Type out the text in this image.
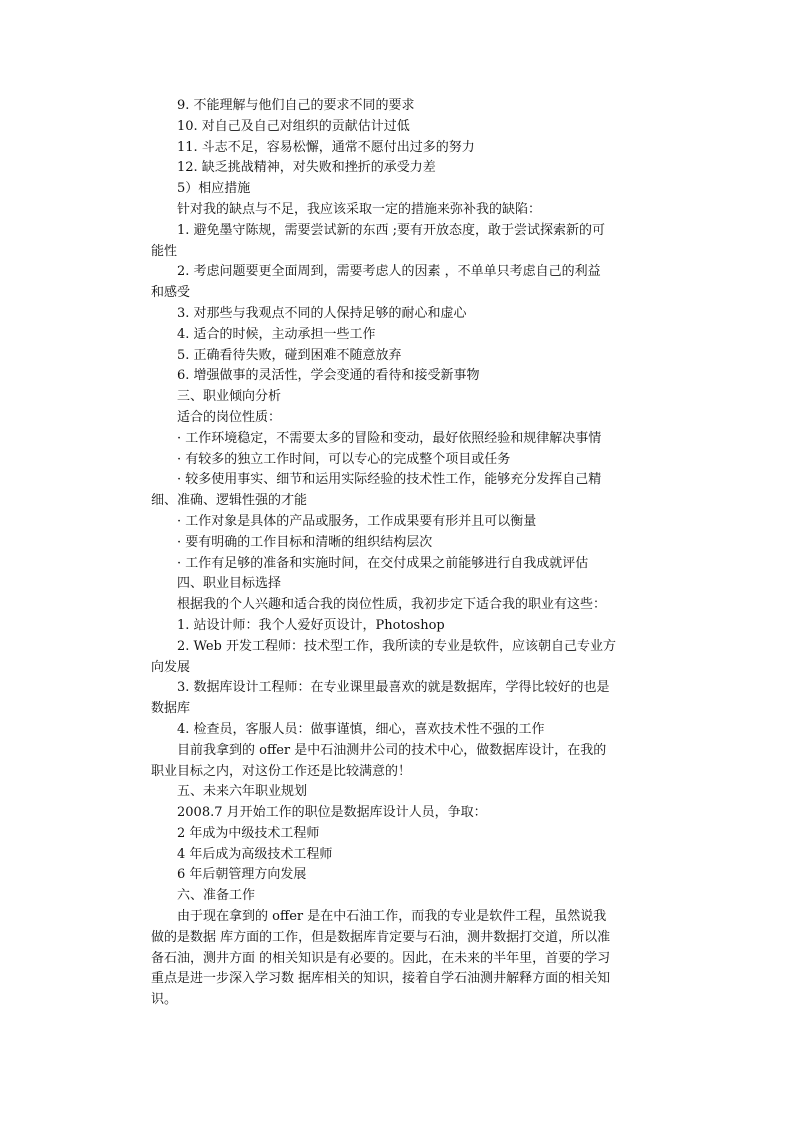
9. 不能理解与他们自己的要求不同的要求
10. 对自己及自己对组织的贡献估计过低
11. 斗志不足，容易松懈，通常不愿付出过多的努力
12. 缺乏挑战精神，对失败和挫折的承受力差
5）相应措施
针对我的缺点与不足，我应该采取一定的措施来弥补我的缺陷：
1. 避免墨守陈规，需要尝试新的东西 ;要有开放态度，敢于尝试探索新的可
能性
2. 考虑问题要更全面周到，需要考虑人的因素 ，不单单只考虑自己的利益
和感受
3. 对那些与我观点不同的人保持足够的耐心和虚心
4. 适合的时候，主动承担一些工作
5. 正确看待失败，碰到困难不随意放弃
6. 增强做事的灵活性，学会变通的看待和接受新事物
三、职业倾向分析
适合的岗位性质：
· 工作环境稳定，不需要太多的冒险和变动，最好依照经验和规律解决事情
· 有较多的独立工作时间，可以专心的完成整个项目或任务
· 较多使用事实、细节和运用实际经验的技术性工作，能够充分发挥自己精
细、准确、逻辑性强的才能
· 工作对象是具体的产品或服务，工作成果要有形并且可以衡量
· 要有明确的工作目标和清晰的组织结构层次
· 工作有足够的准备和实施时间，在交付成果之前能够进行自我成就评估
四、职业目标选择
根据我的个人兴趣和适合我的岗位性质，我初步定下适合我的职业有这些：
1. 站设计师：我个人爱好页设计，Photoshop
2. Web 开发工程师：技术型工作，我所读的专业是软件，应该朝自己专业方
向发展
3. 数据库设计工程师：在专业课里最喜欢的就是数据库，学得比较好的也是
数据库
4. 检查员，客服人员：做事谨慎，细心，喜欢技术性不强的工作
目前我拿到的 offer 是中石油测井公司的技术中心，做数据库设计，在我的
职业目标之内，对这份工作还是比较满意的！
五、未来六年职业规划
2008.7 月开始工作的职位是数据库设计人员，争取：
2 年成为中级技术工程师
4 年后成为高级技术工程师
6 年后朝管理方向发展
六、准备工作
由于现在拿到的 offer 是在中石油工作，而我的专业是软件工程，虽然说我
做的是数据 库方面的工作，但是数据库肯定要与石油，测井数据打交道，所以准
备石油，测井方面 的相关知识是有必要的。因此，在未来的半年里，首要的学习
重点是进一步深入学习数 据库相关的知识，接着自学石油测井解释方面的相关知
识。
